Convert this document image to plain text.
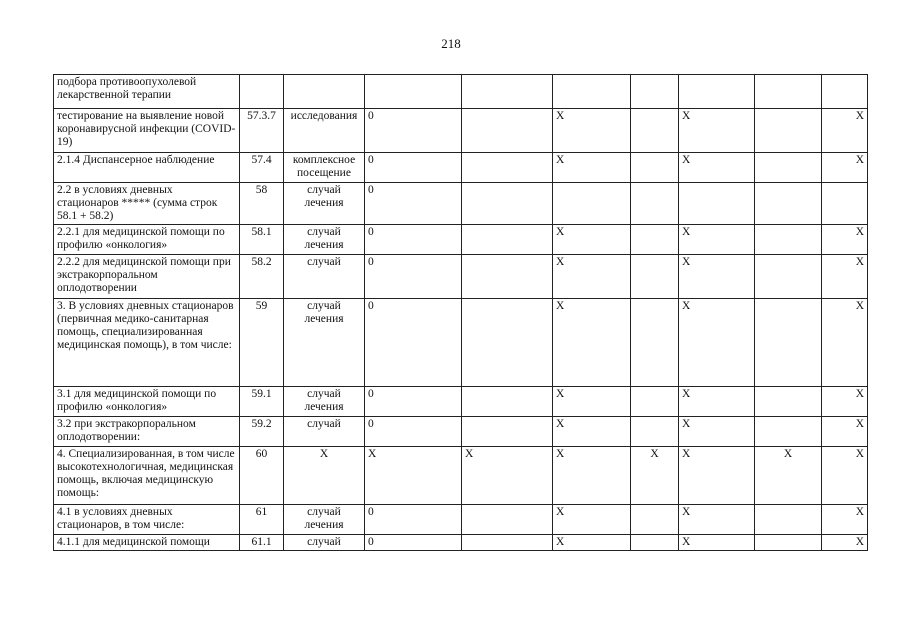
218
подбора противоопухолевой лекарственной терапии									
тестирование на выявление новой коронавирусной инфекции (COVID-19)	57.3.7	исследования	0		X		X		X
2.1.4 Диспансерное наблюдение	57.4	комплексное посещение	0		X		X		X
2.2 в условиях дневных стационаров ***** (сумма строк 58.1 + 58.2)	58	случай лечения	0						
2.2.1 для медицинской помощи по профилю «онкология»	58.1	случай лечения	0		X		X		X
2.2.2 для медицинской помощи при экстракорпоральном оплодотворении	58.2	случай	0		X		X		X
3. В условиях дневных стационаров (первичная медико-санитарная помощь, специализированная медицинская помощь), в том числе:	59	случай лечения	0		X		X		X
3.1 для медицинской помощи по профилю «онкология»	59.1	случай лечения	0		X		X		X
3.2 при экстракорпоральном оплодотворении:	59.2	случай	0		X		X		X
4. Специализированная, в том числе высокотехнологичная, медицинская помощь, включая медицинскую помощь:	60	X	X	X	X	X	X	X	X
4.1 в условиях дневных стационаров, в том числе:	61	случай лечения	0		X		X		X
4.1.1 для медицинской помощи	61.1	случай	0		X		X		X
